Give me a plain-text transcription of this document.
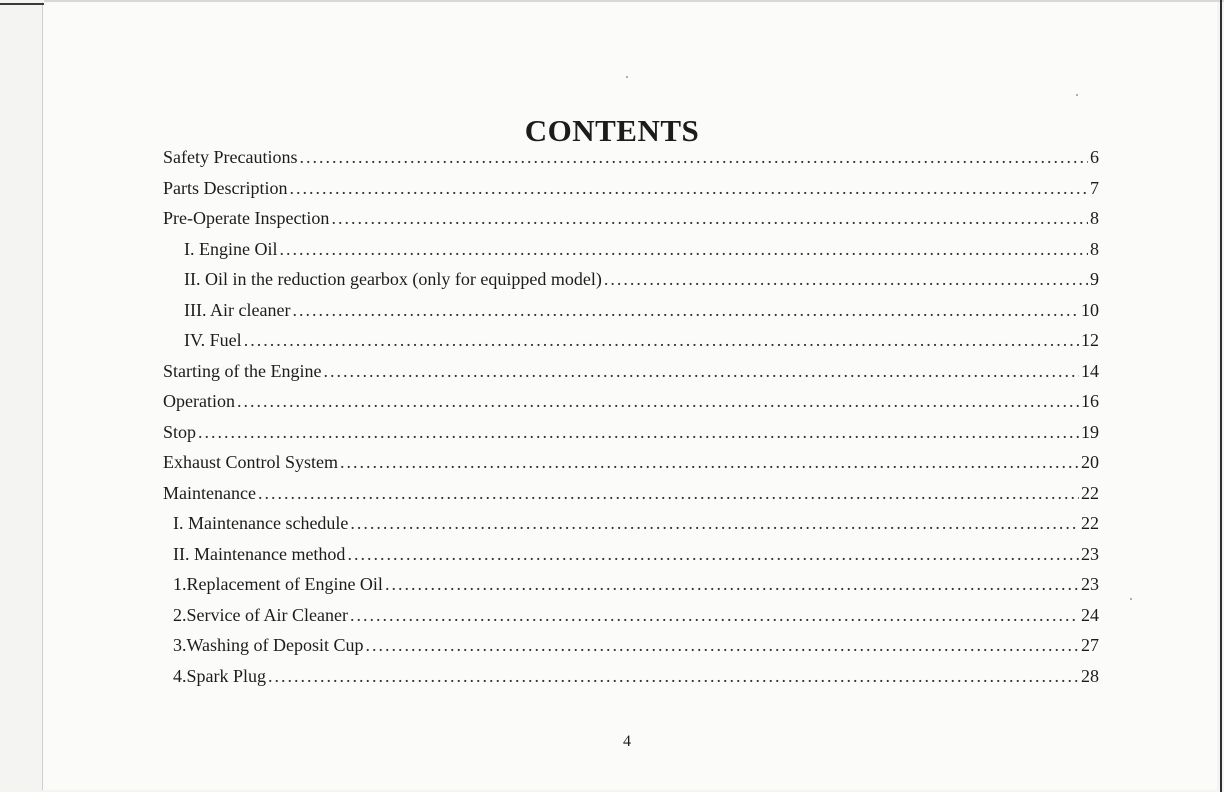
CONTENTS
Safety Precautions .....	6
Parts Description .....	7
Pre-Operate Inspection .....	8
I. Engine Oil .....	8
II. Oil in the reduction gearbox (only for equipped model) .....	9
III. Air cleaner .....	10
IV. Fuel .....	12
Starting of the Engine .....	14
Operation .....	16
Stop .....	19
Exhaust Control System .....	20
Maintenance .....	22
I. Maintenance schedule .....	22
II. Maintenance method .....	23
1.Replacement of Engine Oil .....	23
2.Service of Air Cleaner .....	24
3.Washing of Deposit Cup .....	27
4.Spark Plug .....	28
4
